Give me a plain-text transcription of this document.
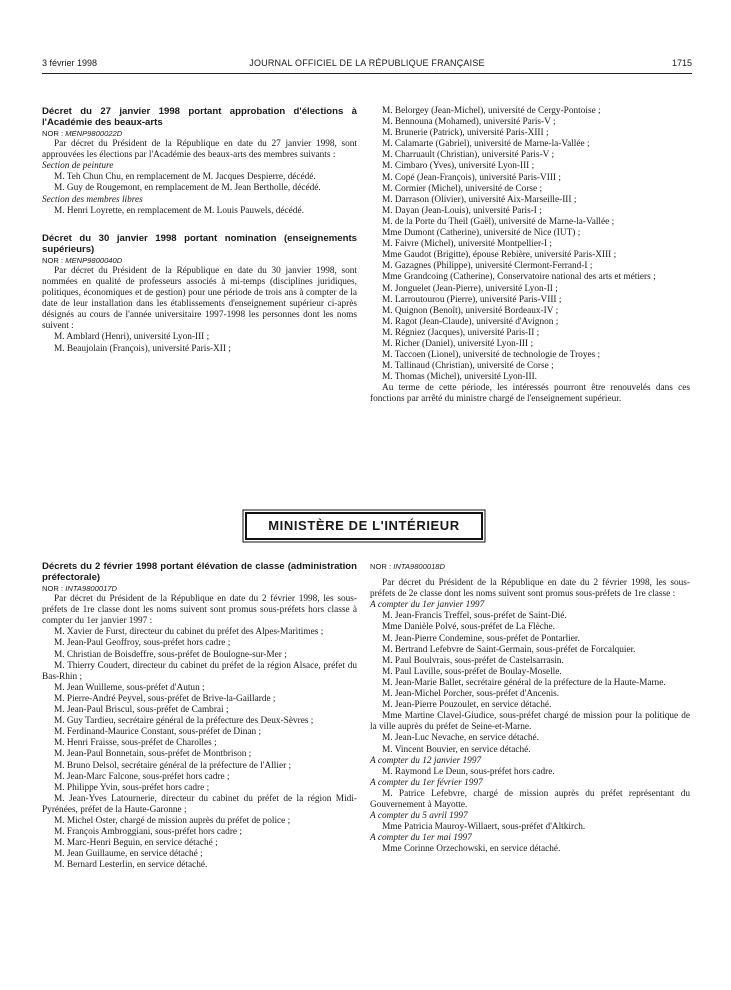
3 février 1998	JOURNAL OFFICIEL DE LA RÉPUBLIQUE FRANÇAISE	1715

Décret du 27 janvier 1998 portant approbation d'élections à l'Académie des beaux-arts

NOR : MENP9800022D

Par décret du Président de la République en date du 27 janvier 1998, sont approuvées les élections par l'Académie des beaux-arts des membres suivants :

Section de peinture

M. Teh Chun Chu, en remplacement de M. Jacques Despierre, décédé.

M. Guy de Rougemont, en remplacement de M. Jean Bertholle, décédé.

Section des membres libres

M. Henri Loyrette, en remplacement de M. Louis Pauwels, décédé.

Décret du 30 janvier 1998 portant nomination (enseignements supérieurs)

NOR : MENP9800040D

Par décret du Président de la République en date du 30 janvier 1998, sont nommées en qualité de professeurs associés à mi-temps (disciplines juridiques, politiques, économiques et de gestion) pour une période de trois ans à compter de la date de leur installation dans les établissements d'enseignement supérieur ci-après désignés au cours de l'année universitaire 1997-1998 les personnes dont les noms suivent :

M. Amblard (Henri), université Lyon-III ;

M. Beaujolain (François), université Paris-XII ;

M. Belorgey (Jean-Michel), université de Cergy-Pontoise ;

M. Bennouna (Mohamed), université Paris-V ;

M. Brunerie (Patrick), université Paris-XIII ;

M. Calamarte (Gabriel), université de Marne-la-Vallée ;

M. Charruault (Christian), université Paris-V ;

M. Cimbaro (Yves), université Lyon-III ;

M. Copé (Jean-François), université Paris-VIII ;

M. Cormier (Michel), université de Corse ;

M. Darrason (Olivier), université Aix-Marseille-III ;

M. Dayan (Jean-Louis), université Paris-I ;

M. de la Porte du Theil (Gaël), université de Marne-la-Vallée ;

Mme Dumont (Catherine), université de Nice (IUT) ;

M. Faivre (Michel), université Montpellier-I ;

Mme Gaudot (Brigitte), épouse Rebière, université Paris-XIII ;

M. Gazagnes (Philippe), université Clermont-Ferrand-I ;

Mme Grandcoing (Catherine), Conservatoire national des arts et métiers ;

M. Jonguelet (Jean-Pierre), université Lyon-II ;

M. Larroutourou (Pierre), université Paris-VIII ;

M. Quignon (Benoît), université Bordeaux-IV ;

M. Ragot (Jean-Claude), université d'Avignon ;

M. Régniez (Jacques), université Paris-II ;

M. Richer (Daniel), université Lyon-III ;

M. Taccoen (Lionel), université de technologie de Troyes ;

M. Tallinaud (Christian), université de Corse ;

M. Thomas (Michel), université Lyon-III.

Au terme de cette période, les intéressés pourront être renouvelés dans ces fonctions par arrêté du ministre chargé de l'enseignement supérieur.

MINISTÈRE DE L'INTÉRIEUR

Décrets du 2 février 1998 portant élévation de classe (administration préfectorale)

NOR : INTA9800017D

Par décret du Président de la République en date du 2 février 1998, les sous-préfets de 1re classe dont les noms suivent sont promus sous-préfets hors classe à compter du 1er janvier 1997 :

M. Xavier de Furst, directeur du cabinet du préfet des Alpes-Maritimes ;

M. Jean-Paul Geoffroy, sous-préfet hors cadre ;

M. Christian de Boisdeffre, sous-préfet de Boulogne-sur-Mer ;

M. Thierry Coudert, directeur du cabinet du préfet de la région Alsace, préfet du Bas-Rhin ;

M. Jean Wuilleme, sous-préfet d'Autun ;

M. Pierre-André Peyvel, sous-préfet de Brive-la-Gaillarde ;

M. Jean-Paul Briscul, sous-préfet de Cambrai ;

M. Guy Tardieu, secrétaire général de la préfecture des Deux-Sèvres ;

M. Ferdinand-Maurice Constant, sous-préfet de Dinan ;

M. Henri Fraisse, sous-préfet de Charolles ;

M. Jean-Paul Bonnetain, sous-préfet de Montbrison ;

M. Bruno Delsol, secrétaire général de la préfecture de l'Allier ;

M. Jean-Marc Falcone, sous-préfet hors cadre ;

M. Philippe Yvin, sous-préfet hors cadre ;

M. Jean-Yves Latournerie, directeur du cabinet du préfet de la région Midi-Pyrénées, préfet de la Haute-Garonne ;

M. Michel Oster, chargé de mission auprès du préfet de police ;

M. François Ambroggiani, sous-préfet hors cadre ;

M. Marc-Henri Beguin, en service détaché ;

M. Jean Guillaume, en service détaché ;

M. Bernard Lesterlin, en service détaché.

NOR : INTA9800018D

Par décret du Président de la République en date du 2 février 1998, les sous-préfets de 2e classe dont les noms suivent sont promus sous-préfets de 1re classe :

A compter du 1er janvier 1997

M. Jean-Francis Treffel, sous-préfet de Saint-Dié.

Mme Danièle Polvé, sous-préfet de La Flèche.

M. Jean-Pierre Condemine, sous-préfet de Pontarlier.

M. Bertrand Lefebvre de Saint-Germain, sous-préfet de Forcalquier.

M. Paul Boulvrais, sous-préfet de Castelsarrasin.

M. Paul Laville, sous-préfet de Boulay-Moselle.

M. Jean-Marie Ballet, secrétaire général de la préfecture de la Haute-Marne.

M. Jean-Michel Porcher, sous-préfet d'Ancenis.

M. Jean-Pierre Pouzoulet, en service détaché.

Mme Martine Clavel-Giudice, sous-préfet chargé de mission pour la politique de la ville auprès du préfet de Seine-et-Marne.

M. Jean-Luc Nevache, en service détaché.

M. Vincent Bouvier, en service détaché.

A compter du 12 janvier 1997

M. Raymond Le Deun, sous-préfet hors cadre.

A compter du 1er février 1997

M. Patrice Lefebvre, chargé de mission auprès du préfet représentant du Gouvernement à Mayotte.

A compter du 5 avril 1997

Mme Patricia Mauroy-Willaert, sous-préfet d'Altkirch.

A compter du 1er mai 1997

Mme Corinne Orzechowski, en service détaché.
